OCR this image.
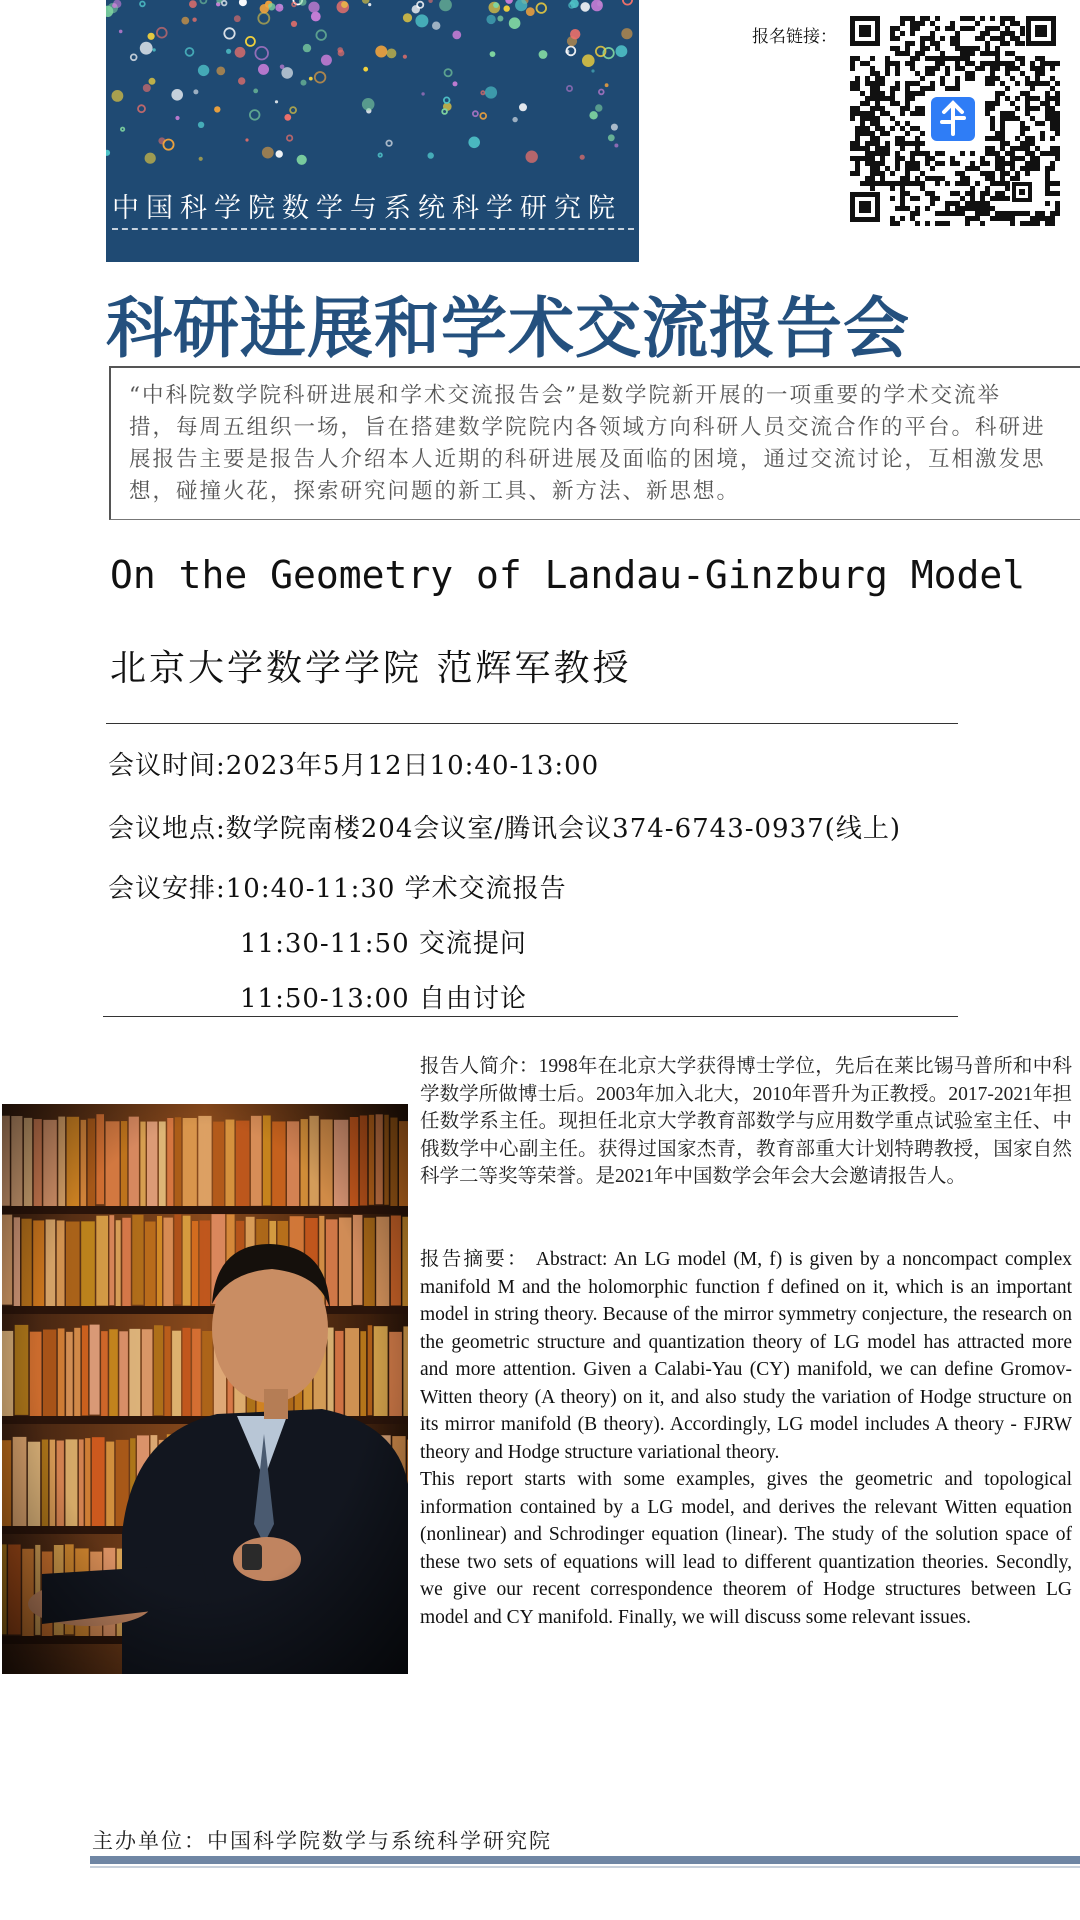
中国科学院数学与系统科学研究院
报名链接：
科研进展和学术交流报告会
“中科院数学院科研进展和学术交流报告会”是数学院新开展的一项重要的学术交流举措，每周五组织一场，旨在搭建数学院院内各领域方向科研人员交流合作的平台。科研进展报告主要是报告人介绍本人近期的科研进展及面临的困境，通过交流讨论，互相激发思想，碰撞火花，探索研究问题的新工具、新方法、新思想。
On the Geometry of Landau-Ginzburg Model
北京大学数学学院 范辉军教授
会议时间:2023年5月12日10:40-13:00
会议地点:数学院南楼204会议室/腾讯会议374-6743-0937(线上)
会议安排:10:40-11:30 学术交流报告
11:30-11:50 交流提问
11:50-13:00 自由讨论
报告人简介：1998年在北京大学获得博士学位，先后在莱比锡马普所和中科学数学所做博士后。2003年加入北大，2010年晋升为正教授。2017-2021年担任数学系主任。现担任北京大学教育部数学与应用数学重点试验室主任、中俄数学中心副主任。获得过国家杰青，教育部重大计划特聘教授，国家自然科学二等奖等荣誉。是2021年中国数学会年会大会邀请报告人。

报告摘要： Abstract: An LG model (M, f) is given by a noncompact complex manifold M and the holomorphic function f defined on it, which is an important model in string theory. Because of the mirror symmetry conjecture, the research on the geometric structure and quantization theory of LG model has attracted more and more attention. Given a Calabi-Yau (CY) manifold, we can define Gromov-Witten theory (A theory) on it, and also study the variation of Hodge structure on its mirror manifold (B theory). Accordingly, LG model includes A theory - FJRW theory and Hodge structure variational theory.

This report starts with some examples, gives the geometric and topological information contained by a LG model, and derives the relevant Witten equation (nonlinear) and Schrodinger equation (linear). The study of the solution space of these two sets of equations will lead to different quantization theories. Secondly, we give our recent correspondence theorem of Hodge structures between LG model and CY manifold. Finally, we will discuss some relevant issues.

主办单位：中国科学院数学与系统科学研究院
